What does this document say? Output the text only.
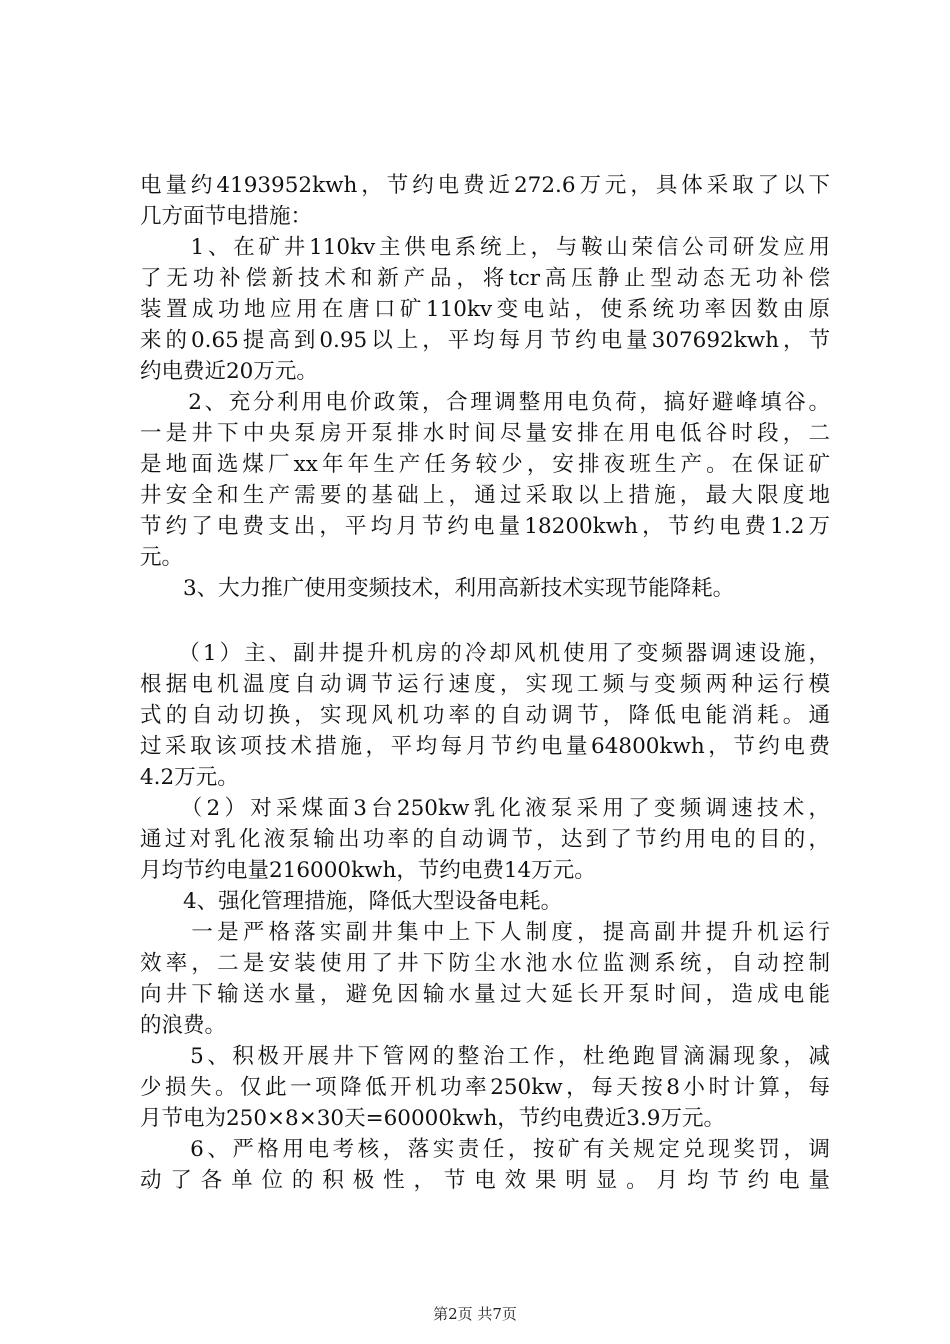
电量约4193952kwh，节约电费近272.6万元，具体采取了以下
几方面节电措施：
　　1、在矿井110kv主供电系统上，与鞍山荣信公司研发应用
了无功补偿新技术和新产品，将tcr高压静止型动态无功补偿
装置成功地应用在唐口矿110kv变电站，使系统功率因数由原
来的0.65提高到0.95以上，平均每月节约电量307692kwh，节
约电费近20万元。
　　2、充分利用电价政策，合理调整用电负荷，搞好避峰填谷。
一是井下中央泵房开泵排水时间尽量安排在用电低谷时段，二
是地面选煤厂xx年年生产任务较少，安排夜班生产。在保证矿
井安全和生产需要的基础上，通过采取以上措施，最大限度地
节约了电费支出，平均月节约电量18200kwh，节约电费1.2万
元。
　　3、大力推广使用变频技术，利用高新技术实现节能降耗。
　　（1）主、副井提升机房的冷却风机使用了变频器调速设施，
根据电机温度自动调节运行速度，实现工频与变频两种运行模
式的自动切换，实现风机功率的自动调节，降低电能消耗。通
过采取该项技术措施，平均每月节约电量64800kwh，节约电费
4.2万元。
　　（2）对采煤面3台250kw乳化液泵采用了变频调速技术，
通过对乳化液泵输出功率的自动调节，达到了节约用电的目的，
月均节约电量216000kwh，节约电费14万元。
　　4、强化管理措施，降低大型设备电耗。
　　一是严格落实副井集中上下人制度，提高副井提升机运行
效率，二是安装使用了井下防尘水池水位监测系统，自动控制
向井下输送水量，避免因输水量过大延长开泵时间，造成电能
的浪费。
　　5、积极开展井下管网的整治工作，杜绝跑冒滴漏现象，减
少损失。仅此一项降低开机功率250kw，每天按8小时计算，每
月节电为250×8×30天=60000kwh，节约电费近3.9万元。
　　6、严格用电考核，落实责任，按矿有关规定兑现奖罚，调
动了各单位的积极性，节电效果明显。月均节约电量
第2页 共7页
